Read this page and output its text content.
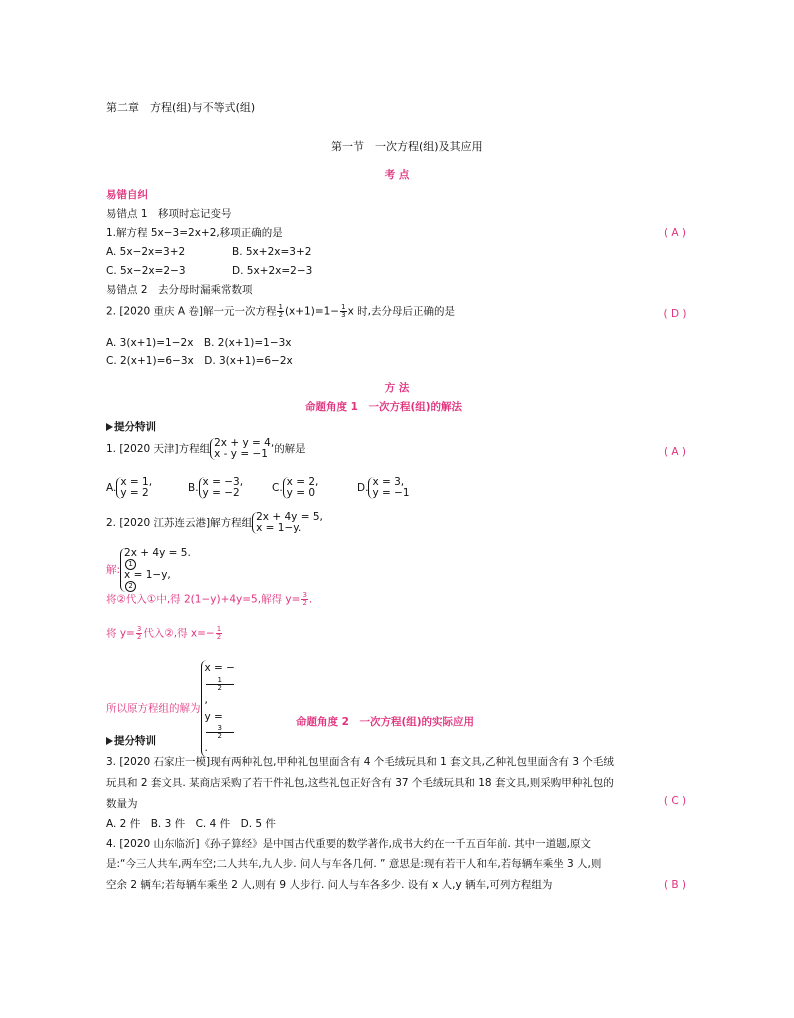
第二章　方程(组)与不等式(组)
第一节　一次方程(组)及其应用
考 点
易错自纠
易错点 1　移项时忘记变号
1.解方程 5x−3=2x+2,移项正确的是	( A )
A. 5x−2x=3+2	B. 5x+2x=3+2
C. 5x−2x=2−3	D. 5x+2x=2−3
易错点 2　去分母时漏乘常数项
2. [2020 重庆 A 卷]解一元一次方程 $\frac{1}{2} (x+1)=1- \frac{1}{3}$ x 时,去分母后正确的是	( D )
A. 3(x+1)=1−2x　B. 2(x+1)=1−3x
C. 2(x+1)=6−3x　D. 3(x+1)=6−2x
方 法
命题角度 1　一次方程(组)的解法
提分特训
1. [2020 天津]方程组
2x + y = 4,
x - y = −1 的解是	( A )
A.
x = 1,
y = 2	B.
x = −3,
y = −2	C.
x = 2,
y = 0	D.
x = 3,
y = −1
2. [2020 江苏连云港]解方程组
2x + 4y = 5,
x = 1−y.
解:
2x + 4y = 5.
1
x = 1−y,
2
将②代入①中,得 2(1−y)+4y=5,解得 $y= \frac{3}{2}$ .
将 $y= \frac{3}{2}$ 代入②,得 $x=- \frac{1}{2}$
所以原方程组的解为
x = −
1
2
,
y =
3
2
.
命题角度 2　一次方程(组)的实际应用
提分特训
3. [2020 石家庄一模]现有两种礼包,甲种礼包里面含有 4 个毛绒玩具和 1 套文具,乙种礼包里面含有 3 个毛绒
玩具和 2 套文具. 某商店采购了若干件礼包,这些礼包正好含有 37 个毛绒玩具和 18 套文具,则采购甲种礼包的
数量为	( C )
A. 2 件　B. 3 件　C. 4 件　D. 5 件
4. [2020 山东临沂]《孙子算经》是中国古代重要的数学著作,成书大约在一千五百年前. 其中一道题,原文
是:“今三人共车,两车空;二人共车,九人步. 问人与车各几何. ” 意思是:现有若干人和车,若每辆车乘坐 3 人,则
空余 2 辆车;若每辆车乘坐 2 人,则有 9 人步行. 问人与车各多少. 设有 x 人,y 辆车,可列方程组为	( B )
